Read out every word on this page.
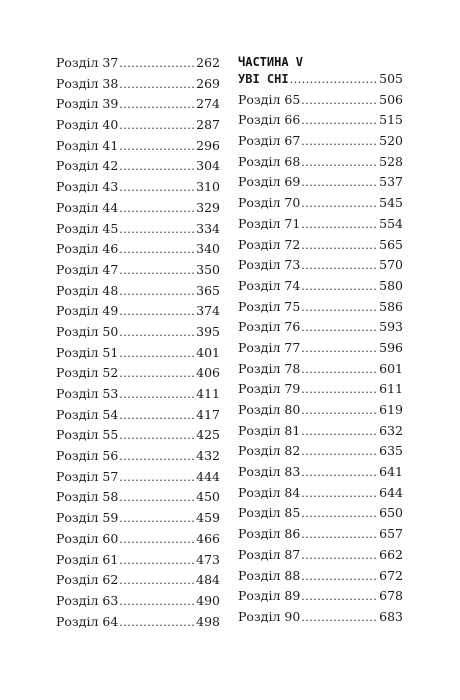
Розділ 37 .....	262
Розділ 38 .....	269
Розділ 39 .....	274
Розділ 40 .....	287
Розділ 41 .....	296
Розділ 42 .....	304
Розділ 43 .....	310
Розділ 44 .....	329
Розділ 45 .....	334
Розділ 46 .....	340
Розділ 47 .....	350
Розділ 48 .....	365
Розділ 49 .....	374
Розділ 50 .....	395
Розділ 51 .....	401
Розділ 52 .....	406
Розділ 53 .....	411
Розділ 54 .....	417
Розділ 55 .....	425
Розділ 56 .....	432
Розділ 57 .....	444
Розділ 58 .....	450
Розділ 59 .....	459
Розділ 60 .....	466
Розділ 61 .....	473
Розділ 62 .....	484
Розділ 63 .....	490
Розділ 64 .....	498
ЧАСТИНА V
УВІ СНІ .....	505
Розділ 65 .....	506
Розділ 66 .....	515
Розділ 67 .....	520
Розділ 68 .....	528
Розділ 69 .....	537
Розділ 70 .....	545
Розділ 71 .....	554
Розділ 72 .....	565
Розділ 73 .....	570
Розділ 74 .....	580
Розділ 75 .....	586
Розділ 76 .....	593
Розділ 77 .....	596
Розділ 78 .....	601
Розділ 79 .....	611
Розділ 80 .....	619
Розділ 81 .....	632
Розділ 82 .....	635
Розділ 83 .....	641
Розділ 84 .....	644
Розділ 85 .....	650
Розділ 86 .....	657
Розділ 87 .....	662
Розділ 88 .....	672
Розділ 89 .....	678
Розділ 90 .....	683
